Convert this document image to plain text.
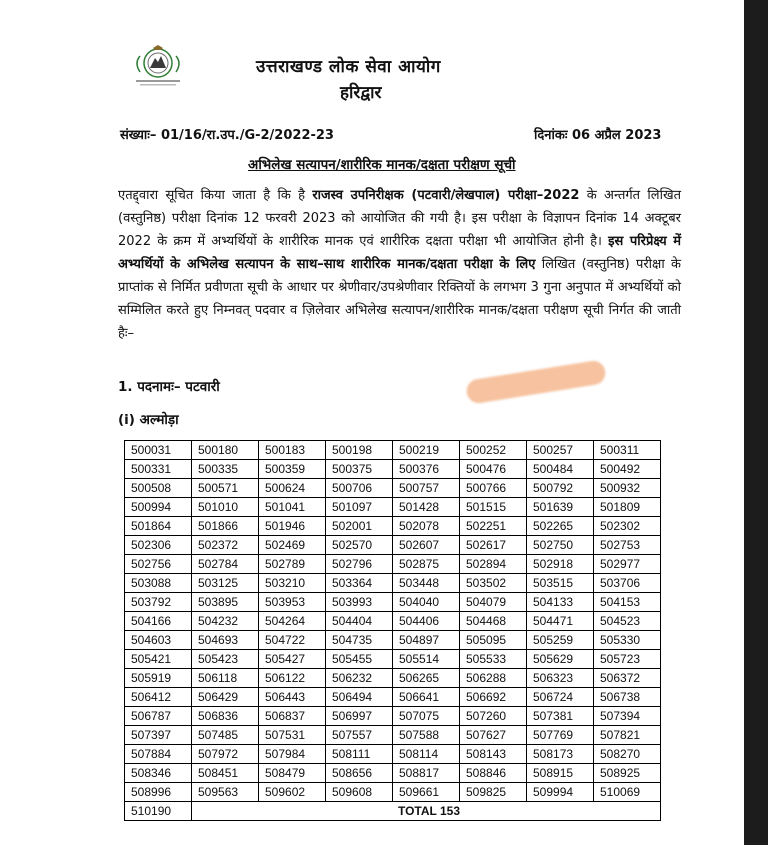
उत्तराखण्ड लोक सेवा आयोग
हरिद्वार
संख्याः– 01/16/रा.उप./G-2/2022-23	दिनांकः 06 अप्रैल 2023
अभिलेख सत्यापन/शारीरिक मानक/दक्षता परीक्षण सूची
एतद्द्वारा सूचित किया जाता है कि है राजस्व उपनिरीक्षक (पटवारी/लेखपाल) परीक्षा–2022 के अन्तर्गत लिखित (वस्तुनिष्ठ) परीक्षा दिनांक 12 फरवरी 2023 को आयोजित की गयी है। इस परीक्षा के विज्ञापन दिनांक 14 अक्टूबर 2022 के क्रम में अभ्यर्थियों के शारीरिक मानक एवं शारीरिक दक्षता परीक्षा भी आयोजित होनी है। इस परिप्रेक्ष्य में अभ्यर्थियों के अभिलेख सत्यापन के साथ–साथ शारीरिक मानक/दक्षता परीक्षा के लिए लिखित (वस्तुनिष्ठ) परीक्षा के प्राप्तांक से निर्मित प्रवीणता सूची के आधार पर श्रेणीवार/उपश्रेणीवार रिक्तियों के लगभग 3 गुना अनुपात में अभ्यर्थियों को सम्मिलित करते हुए निम्नवत् पदवार व ज़िलेवार अभिलेख सत्यापन/शारीरिक मानक/दक्षता परीक्षण सूची निर्गत की जाती हैः–
1. पदनामः– पटवारी
(i) अल्मोड़ा
500031	500180	500183	500198	500219	500252	500257	500311
500331	500335	500359	500375	500376	500476	500484	500492
500508	500571	500624	500706	500757	500766	500792	500932
500994	501010	501041	501097	501428	501515	501639	501809
501864	501866	501946	502001	502078	502251	502265	502302
502306	502372	502469	502570	502607	502617	502750	502753
502756	502784	502789	502796	502875	502894	502918	502977
503088	503125	503210	503364	503448	503502	503515	503706
503792	503895	503953	503993	504040	504079	504133	504153
504166	504232	504264	504404	504406	504468	504471	504523
504603	504693	504722	504735	504897	505095	505259	505330
505421	505423	505427	505455	505514	505533	505629	505723
505919	506118	506122	506232	506265	506288	506323	506372
506412	506429	506443	506494	506641	506692	506724	506738
506787	506836	506837	506997	507075	507260	507381	507394
507397	507485	507531	507557	507588	507627	507769	507821
507884	507972	507984	508111	508114	508143	508173	508270
508346	508451	508479	508656	508817	508846	508915	508925
508996	509563	509602	509608	509661	509825	509994	510069
510190	TOTAL 153						
